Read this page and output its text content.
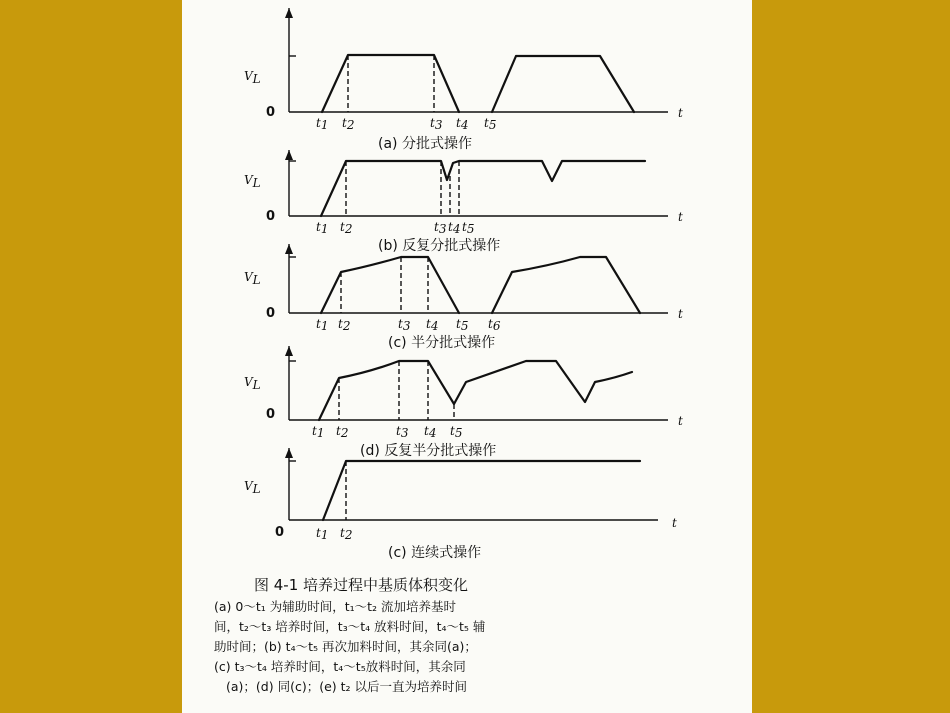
VL
0	t
t1 t2	t3 t4 t5
(a) 分批式操作
VL
0	t
t1 t2	t3 t4 t5
(b) 反复分批式操作
VL
0	t
t1 t2	t3 t4 t5 t6
(c) 半分批式操作
VL
0	t
t1 t2	t3 t4 t5
(d) 反复半分批式操作
VL
0
t
t1 t2
(c) 连续式操作
图 4-1 培养过程中基质体积变化
(a) 0～t₁ 为辅助时间，t₁～t₂ 流加培养基时
间，t₂～t₃ 培养时间，t₃～t₄ 放料时间，t₄～t₅ 辅
助时间；(b) t₄～t₅ 再次加料时间，其余同(a)；
(c) t₃～t₄ 培养时间，t₄～t₅放料时间，其余同
(a)；(d) 同(c)；(e) t₂ 以后一直为培养时间
